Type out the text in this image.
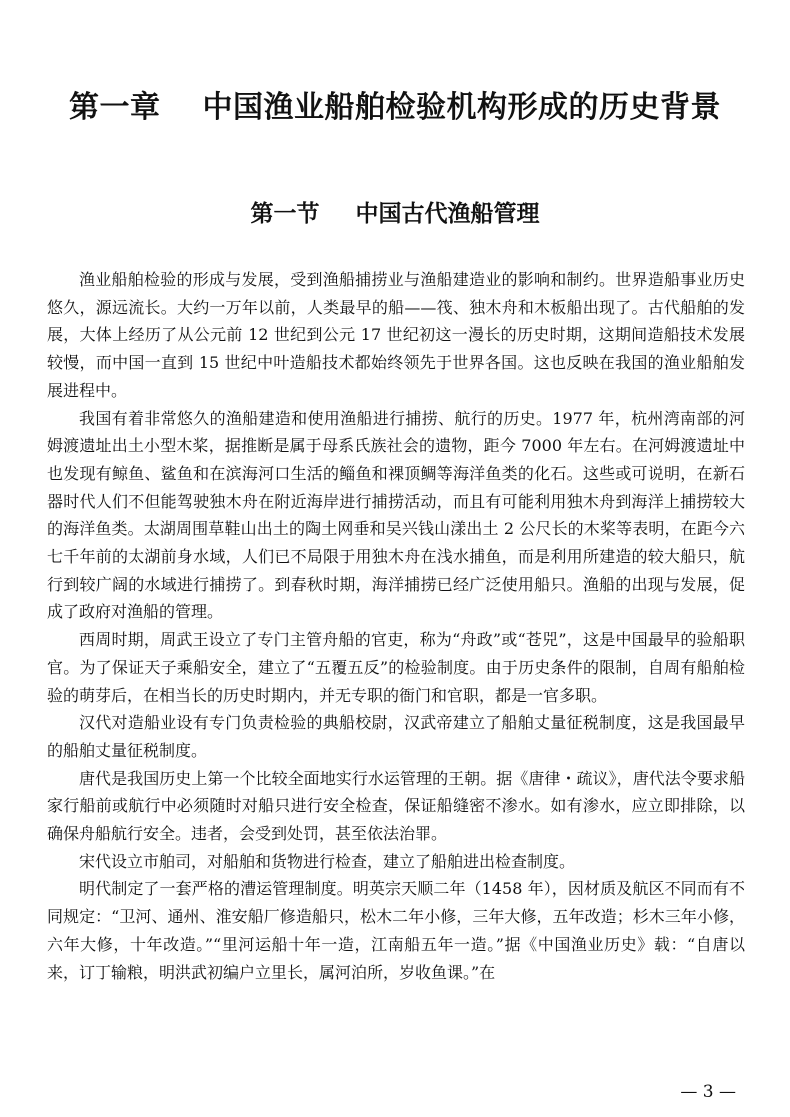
第一章 中国渔业船舶检验机构形成的历史背景
第一节 中国古代渔船管理

渔业船舶检验的形成与发展，受到渔船捕捞业与渔船建造业的影响和制约。世界造船事业历史悠久，源远流长。大约一万年以前，人类最早的船——筏、独木舟和木板船出现了。古代船舶的发展，大体上经历了从公元前 12 世纪到公元 17 世纪初这一漫长的历史时期，这期间造船技术发展较慢，而中国一直到 15 世纪中叶造船技术都始终领先于世界各国。这也反映在我国的渔业船舶发展进程中。

我国有着非常悠久的渔船建造和使用渔船进行捕捞、航行的历史。1977 年，杭州湾南部的河姆渡遗址出土小型木桨，据推断是属于母系氏族社会的遗物，距今 7000 年左右。在河姆渡遗址中也发现有鲸鱼、鲨鱼和在滨海河口生活的鲻鱼和裸顶鲷等海洋鱼类的化石。这些或可说明，在新石器时代人们不但能驾驶独木舟在附近海岸进行捕捞活动，而且有可能利用独木舟到海洋上捕捞较大的海洋鱼类。太湖周围草鞋山出土的陶土网垂和吴兴钱山漾出土 2 公尺长的木桨等表明，在距今六七千年前的太湖前身水域，人们已不局限于用独木舟在浅水捕鱼，而是利用所建造的较大船只，航行到较广阔的水域进行捕捞了。到春秋时期，海洋捕捞已经广泛使用船只。渔船的出现与发展，促成了政府对渔船的管理。

西周时期，周武王设立了专门主管舟船的官吏，称为“舟政”或“苍兕”，这是中国最早的验船职官。为了保证天子乘船安全，建立了“五覆五反”的检验制度。由于历史条件的限制，自周有船舶检验的萌芽后，在相当长的历史时期内，并无专职的衙门和官职，都是一官多职。

汉代对造船业设有专门负责检验的典船校尉，汉武帝建立了船舶丈量征税制度，这是我国最早的船舶丈量征税制度。

唐代是我国历史上第一个比较全面地实行水运管理的王朝。据《唐律・疏议》，唐代法令要求船家行船前或航行中必须随时对船只进行安全检查，保证船缝密不渗水。如有渗水，应立即排除，以确保舟船航行安全。违者，会受到处罚，甚至依法治罪。

宋代设立市舶司，对船舶和货物进行检查，建立了船舶进出检查制度。

明代制定了一套严格的漕运管理制度。明英宗天顺二年（1458 年），因材质及航区不同而有不同规定：“卫河、通州、淮安船厂修造船只，松木二年小修，三年大修，五年改造；杉木三年小修，六年大修，十年改造。”“里河运船十年一造，江南船五年一造。”据《中国渔业历史》载：“自唐以来，订丁输粮，明洪武初编户立里长，属河泊所，岁收鱼课。”在

— 3 —
